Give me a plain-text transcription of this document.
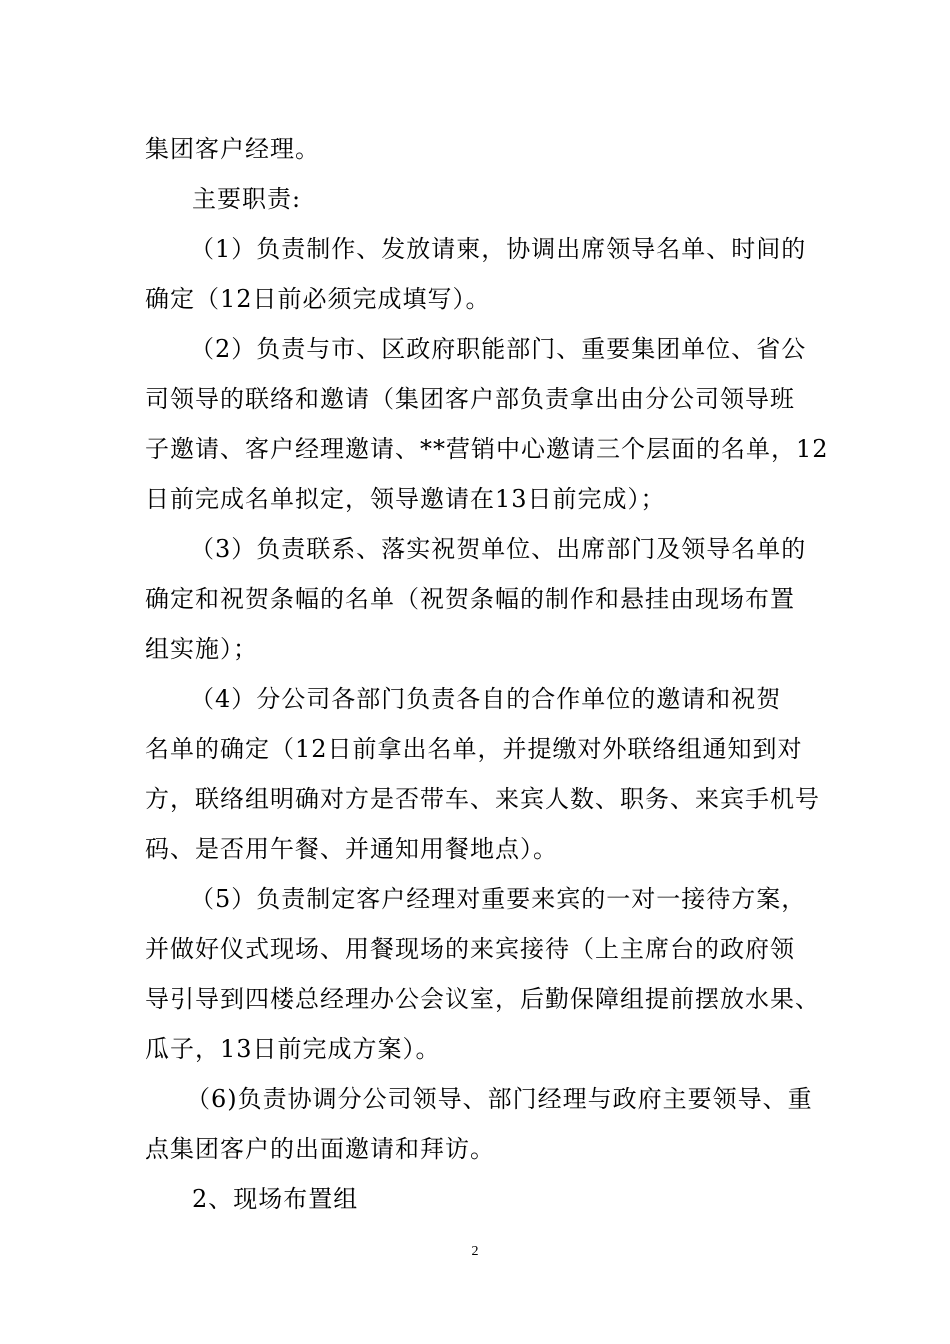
集团客户经理。
主要职责:
（1）负责制作、发放请柬，协调出席领导名单、时间的
确定（12日前必须完成填写）。
（2）负责与市、区政府职能部门、重要集团单位、省公
司领导的联络和邀请（集团客户部负责拿出由分公司领导班
子邀请、客户经理邀请、**营销中心邀请三个层面的名单，12
日前完成名单拟定，领导邀请在13日前完成）；
（3）负责联系、落实祝贺单位、出席部门及领导名单的
确定和祝贺条幅的名单（祝贺条幅的制作和悬挂由现场布置
组实施）；
（4）分公司各部门负责各自的合作单位的邀请和祝贺
名单的确定（12日前拿出名单，并提缴对外联络组通知到对
方，联络组明确对方是否带车、来宾人数、职务、来宾手机号
码、是否用午餐、并通知用餐地点）。
（5）负责制定客户经理对重要来宾的一对一接待方案，
并做好仪式现场、用餐现场的来宾接待（上主席台的政府领
导引导到四楼总经理办公会议室，后勤保障组提前摆放水果、
瓜子，13日前完成方案）。
（6)负责协调分公司领导、部门经理与政府主要领导、重
点集团客户的出面邀请和拜访。
2、现场布置组
2
